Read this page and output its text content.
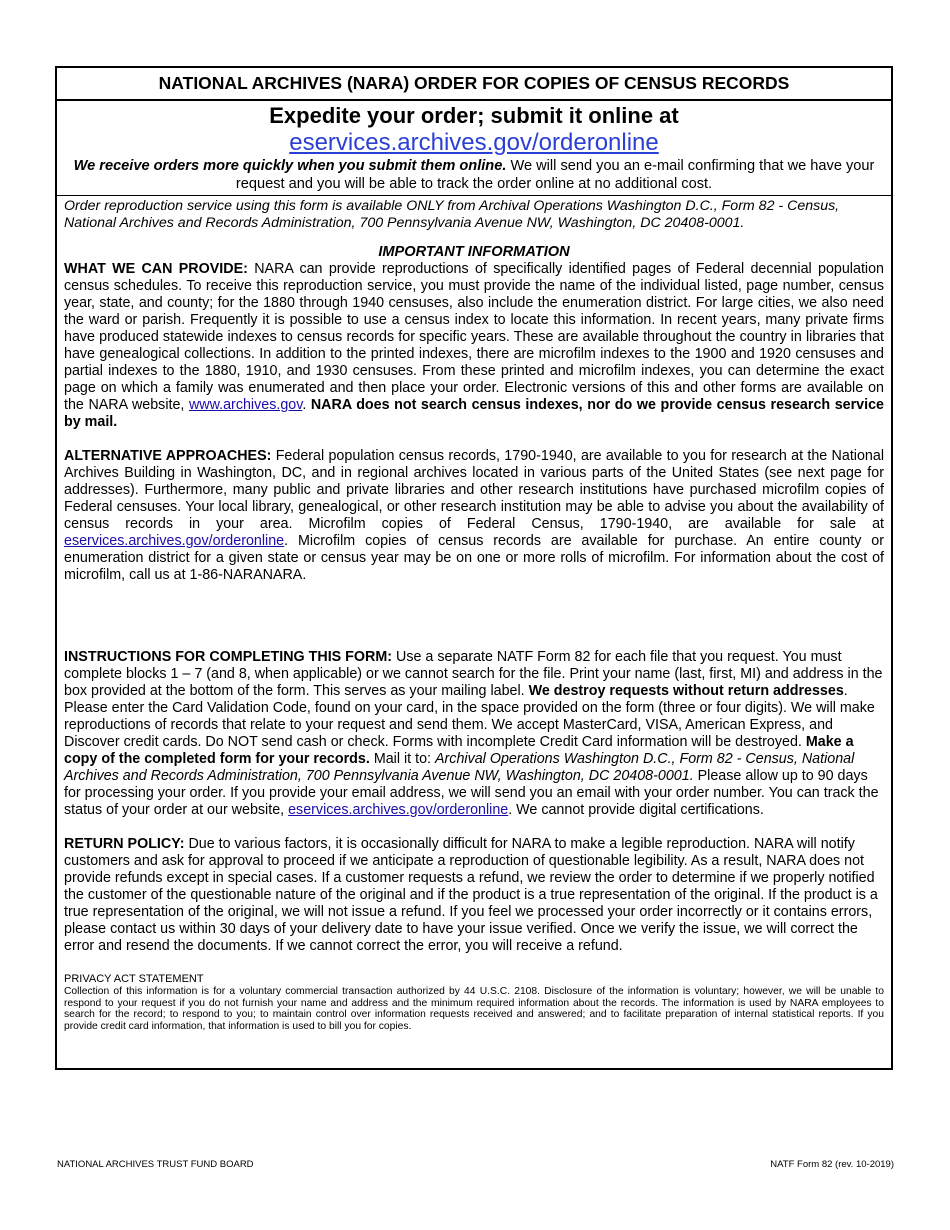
NATIONAL ARCHIVES (NARA) ORDER FOR COPIES OF CENSUS RECORDS
Expedite your order; submit it online at
eservices.archives.gov/orderonline
We receive orders more quickly when you submit them online. We will send you an e-mail confirming that we have your request and you will be able to track the order online at no additional cost.

Order reproduction service using this form is available ONLY from Archival Operations Washington D.C., Form 82 - Census, National Archives and Records Administration, 700 Pennsylvania Avenue NW, Washington, DC 20408-0001.

IMPORTANT INFORMATION

WHAT WE CAN PROVIDE: NARA can provide reproductions of specifically identified pages of Federal decennial population census schedules. To receive this reproduction service, you must provide the name of the individual listed, page number, census year, state, and county; for the 1880 through 1940 censuses, also include the enumeration district. For large cities, we also need the ward or parish. Frequently it is possible to use a census index to locate this information. In recent years, many private firms have produced statewide indexes to census records for specific years. These are available throughout the country in libraries that have genealogical collections. In addition to the printed indexes, there are microfilm indexes to the 1900 and 1920 censuses and partial indexes to the 1880, 1910, and 1930 censuses. From these printed and microfilm indexes, you can determine the exact page on which a family was enumerated and then place your order. Electronic versions of this and other forms are available on the NARA website, www.archives.gov. NARA does not search census indexes, nor do we provide census research service by mail.

ALTERNATIVE APPROACHES: Federal population census records, 1790-1940, are available to you for research at the National Archives Building in Washington, DC, and in regional archives located in various parts of the United States (see next page for addresses). Furthermore, many public and private libraries and other research institutions have purchased microfilm copies of Federal censuses. Your local library, genealogical, or other research institution may be able to advise you about the availability of census records in your area. Microfilm copies of Federal Census, 1790-1940, are available for sale at eservices.archives.gov/orderonline. Microfilm copies of census records are available for purchase. An entire county or enumeration district for a given state or census year may be on one or more rolls of microfilm. For information about the cost of microfilm, call us at 1-86-NARANARA.

INSTRUCTIONS FOR COMPLETING THIS FORM: Use a separate NATF Form 82 for each file that you request. You must complete blocks 1 – 7 (and 8, when applicable) or we cannot search for the file. Print your name (last, first, MI) and address in the box provided at the bottom of the form. This serves as your mailing label. We destroy requests without return addresses. Please enter the Card Validation Code, found on your card, in the space provided on the form (three or four digits). We will make reproductions of records that relate to your request and send them. We accept MasterCard, VISA, American Express, and Discover credit cards. Do NOT send cash or check. Forms with incomplete Credit Card information will be destroyed. Make a copy of the completed form for your records. Mail it to: Archival Operations Washington D.C., Form 82 - Census, National Archives and Records Administration, 700 Pennsylvania Avenue NW, Washington, DC 20408-0001. Please allow up to 90 days for processing your order. If you provide your email address, we will send you an email with your order number. You can track the status of your order at our website, eservices.archives.gov/orderonline. We cannot provide digital certifications.

RETURN POLICY: Due to various factors, it is occasionally difficult for NARA to make a legible reproduction. NARA will notify customers and ask for approval to proceed if we anticipate a reproduction of questionable legibility. As a result, NARA does not provide refunds except in special cases. If a customer requests a refund, we review the order to determine if we properly notified the customer of the questionable nature of the original and if the product is a true representation of the original. If the product is a true representation of the original, we will not issue a refund. If you feel we processed your order incorrectly or it contains errors, please contact us within 30 days of your delivery date to have your issue verified. Once we verify the issue, we will correct the error and resend the documents. If we cannot correct the error, you will receive a refund.

PRIVACY ACT STATEMENT

Collection of this information is for a voluntary commercial transaction authorized by 44 U.S.C. 2108. Disclosure of the information is voluntary; however, we will be unable to respond to your request if you do not furnish your name and address and the minimum required information about the records. The information is used by NARA employees to search for the record; to respond to you; to maintain control over information requests received and answered; and to facilitate preparation of internal statistical reports. If you provide credit card information, that information is used to bill you for copies.

NATIONAL ARCHIVES TRUST FUND BOARD	NATF Form 82 (rev. 10-2019)
